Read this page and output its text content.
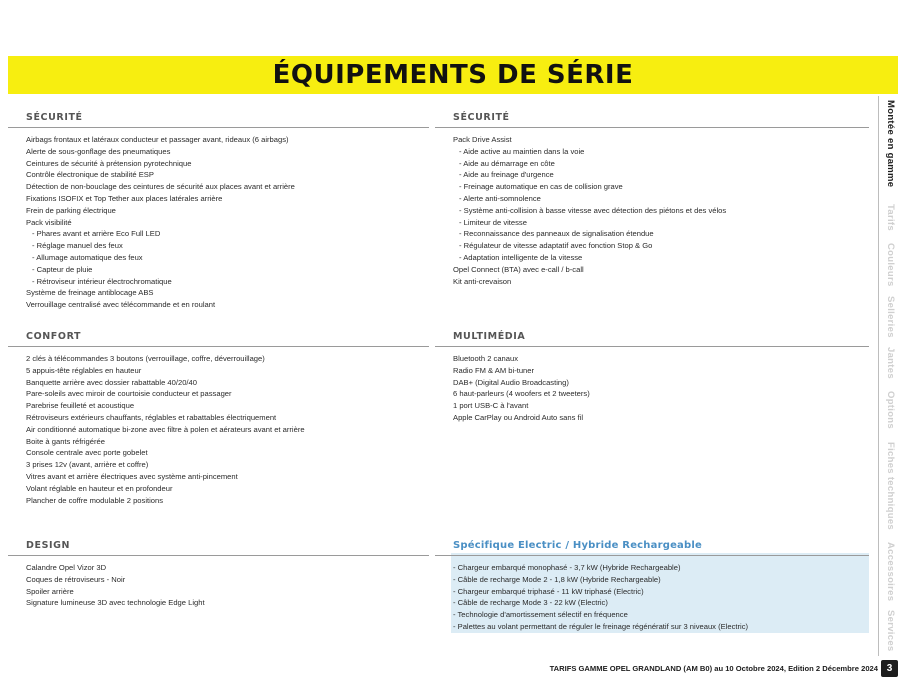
ÉQUIPEMENTS DE SÉRIE
SÉCURITÉ
Airbags frontaux et latéraux conducteur et passager avant, rideaux (6 airbags)
Alerte de sous-gonflage des pneumatiques
Ceintures de sécurité à prétension pyrotechnique
Contrôle électronique de stabilité ESP
Détection de non-bouclage des ceintures de sécurité aux places avant et arrière
Fixations ISOFIX et Top Tether aux places latérales arrière
Frein de parking électrique
Pack visibilité
- Phares avant et arrière Eco Full LED
- Réglage manuel des feux
- Allumage automatique des feux
- Capteur de pluie
- Rétroviseur intérieur électrochromatique
Système de freinage antiblocage ABS
Verrouillage centralisé avec télécommande et en roulant
SÉCURITÉ
Pack Drive Assist
- Aide active au maintien dans la voie
- Aide au démarrage en côte
- Aide au freinage d'urgence
- Freinage automatique en cas de collision grave
- Alerte anti-somnolence
- Système anti-collision à basse vitesse avec détection des piétons et des vélos
- Limiteur de vitesse
- Reconnaissance des panneaux de signalisation étendue
- Régulateur de vitesse adaptatif avec fonction Stop & Go
- Adaptation intelligente de la vitesse
Opel Connect (BTA) avec e-call / b-call
Kit anti-crevaison
CONFORT
2 clés à télécommandes 3 boutons (verrouillage, coffre, déverrouillage)
5 appuis-tête réglables en hauteur
Banquette arrière avec dossier rabattable 40/20/40
Pare-soleils avec miroir de courtoisie conducteur et passager
Parebrise feuilleté et acoustique
Rétroviseurs extérieurs chauffants, réglables et rabattables électriquement
Air conditionné automatique bi-zone avec filtre à polen et aérateurs avant et arrière
Boite à gants réfrigérée
Console centrale avec porte gobelet
3 prises 12v (avant, arrière et coffre)
Vitres avant et arrière électriques avec système anti-pincement
Volant réglable en hauteur et en profondeur
Plancher de coffre modulable 2 positions
MULTIMÉDIA
Bluetooth 2 canaux
Radio FM & AM bi-tuner
DAB+ (Digital Audio Broadcasting)
6 haut-parleurs (4 woofers et 2 tweeters)
1 port USB-C à l'avant
Apple CarPlay ou Android Auto sans fil
DESIGN
Calandre Opel Vizor 3D
Coques de rétroviseurs - Noir
Spoiler arrière
Signature lumineuse 3D avec technologie Edge Light
Spécifique Electric / Hybride Rechargeable
- Chargeur embarqué monophasé - 3,7 kW (Hybride Rechargeable)
- Câble de recharge Mode 2 - 1,8 kW (Hybride Rechargeable)
- Chargeur embarqué triphasé - 11 kW triphasé (Electric)
- Câble de recharge Mode 3 - 22 kW (Electric)
- Technologie d'amortissement sélectif en fréquence
- Palettes au volant permettant de réguler le freinage régénératif sur 3 niveaux (Electric)
Montée en gamme
Tarifs
Couleurs
Selleries
Jantes
Options
Fiches techniques
Accessoires
Services
TARIFS GAMME OPEL GRANDLAND (AM B0) au 10 Octobre 2024, Edition 2 Décembre 2024 3
